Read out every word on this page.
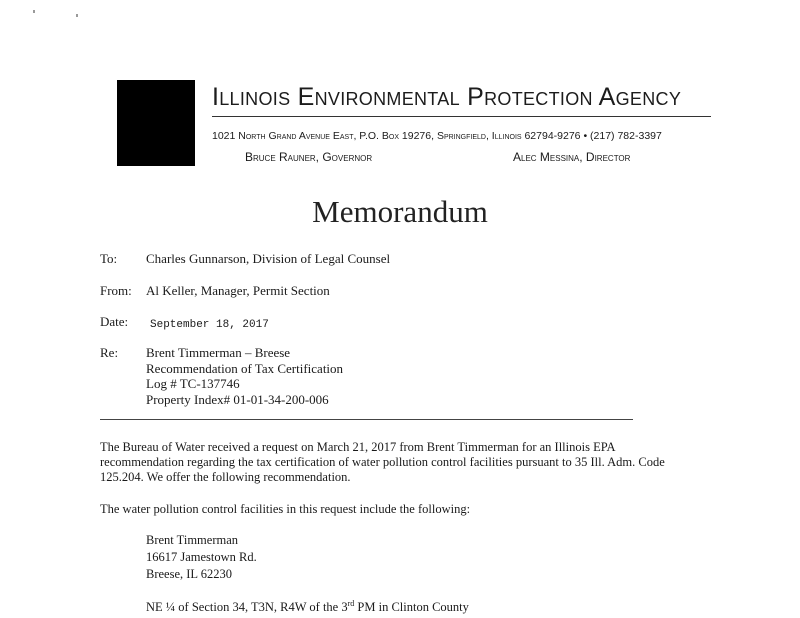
Illinois Environmental Protection Agency
1021 North Grand Avenue East, P.O. Box 19276, Springfield, Illinois 62794-9276 • (217) 782-3397
Bruce Rauner, Governor	Alec Messina, Director
Memorandum
To: Charles Gunnarson, Division of Legal Counsel
From: Al Keller, Manager, Permit Section
Date: September 18, 2017
Re: Brent Timmerman – Breese
Recommendation of Tax Certification
Log # TC-137746
Property Index# 01-01-34-200-006
The Bureau of Water received a request on March 21, 2017 from Brent Timmerman for an Illinois EPA recommendation regarding the tax certification of water pollution control facilities pursuant to 35 Ill. Adm. Code 125.204. We offer the following recommendation.
The water pollution control facilities in this request include the following:
Brent Timmerman
16617 Jamestown Rd.
Breese, IL 62230
NE ¼ of Section 34, T3N, R4W of the 3rd PM in Clinton County
